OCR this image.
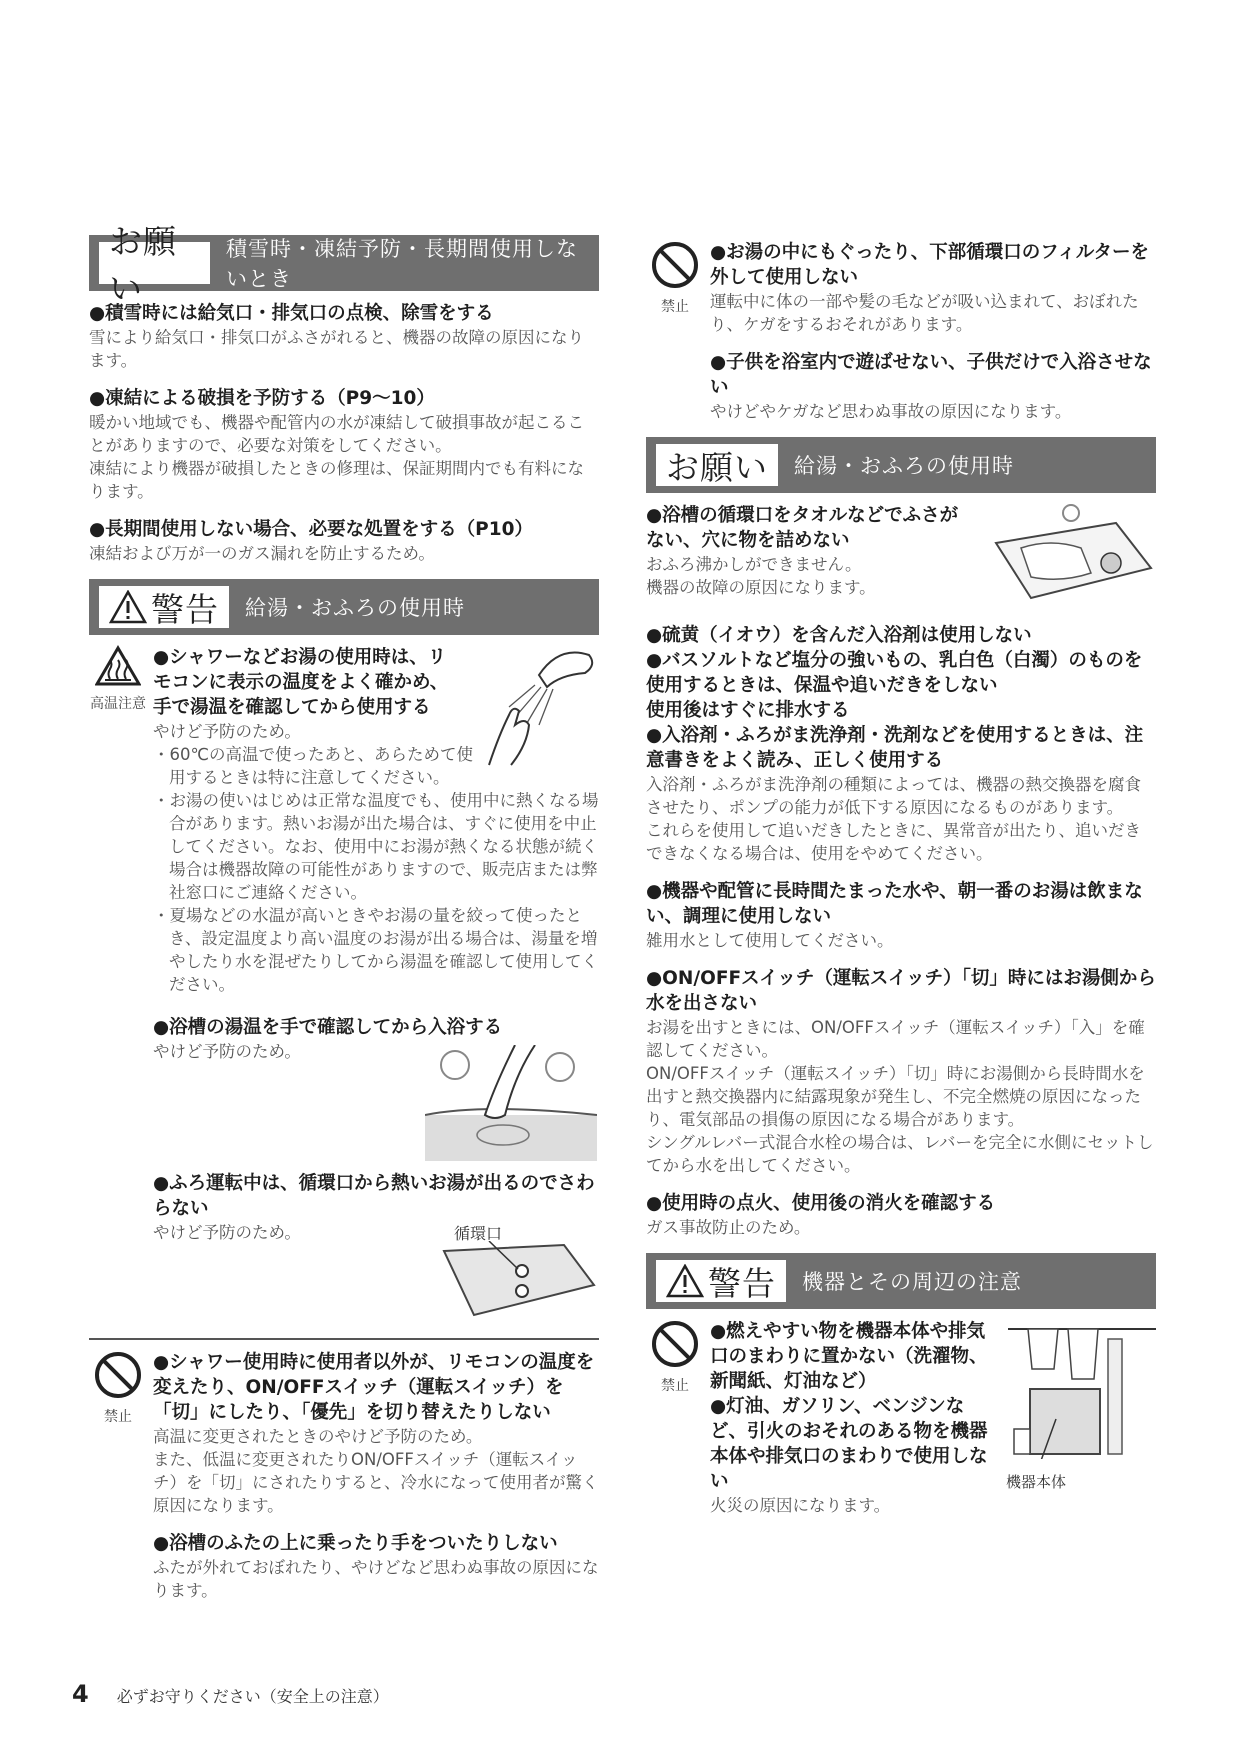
お願い
積雪時・凍結予防・長期間使用しないとき
●積雪時には給気口・排気口の点検、除雪をする

雪により給気口・排気口がふさがれると、機器の故障の原因になります。

●凍結による破損を予防する（P9〜10）

暖かい地域でも、機器や配管内の水が凍結して破損事故が起こることがありますので、必要な対策をしてください。

凍結により機器が破損したときの修理は、保証期間内でも有料になります。

●長期間使用しない場合、必要な処置をする（P10）

凍結および万が一のガス漏れを防止するため。

警告 給湯・おふろの使用時
高温注意
●シャワーなどお湯の使用時は、リモコンに表示の温度をよく確かめ、手で湯温を確認してから使用する

やけど予防のため。

・60℃の高温で使ったあと、あらためて使用するときは特に注意してください。

・お湯の使いはじめは正常な温度でも、使用中に熱くなる場合があります。熱いお湯が出た場合は、すぐに使用を中止してください。なお、使用中にお湯が熱くなる状態が続く場合は機器故障の可能性がありますので、販売店または弊社窓口にご連絡ください。

・夏場などの水温が高いときやお湯の量を絞って使ったとき、設定温度より高い温度のお湯が出る場合は、湯量を増やしたり水を混ぜたりしてから湯温を確認して使用してください。

●浴槽の湯温を手で確認してから入浴する

やけど予防のため。

●ふろ運転中は、循環口から熱いお湯が出るのでさわらない

やけど予防のため。	循環口
禁止
●シャワー使用時に使用者以外が、リモコンの温度を変えたり、ON/OFFスイッチ（運転スイッチ）を「切」にしたり、「優先」を切り替えたりしない

高温に変更されたときのやけど予防のため。

また、低温に変更されたりON/OFFスイッチ（運転スイッチ）を「切」にされたりすると、冷水になって使用者が驚く原因になります。

●浴槽のふたの上に乗ったり手をついたりしない

ふたが外れておぼれたり、やけどなど思わぬ事故の原因になります。

禁止
●お湯の中にもぐったり、下部循環口のフィルターを外して使用しない

運転中に体の一部や髪の毛などが吸い込まれて、おぼれたり、ケガをするおそれがあります。

●子供を浴室内で遊ばせない、子供だけで入浴させない

やけどやケガなど思わぬ事故の原因になります。

お願い	給湯・おふろの使用時
●浴槽の循環口をタオルなどでふさがない、穴に物を詰めない

おふろ沸かしができません。

機器の故障の原因になります。

●硫黄（イオウ）を含んだ入浴剤は使用しない
●バスソルトなど塩分の強いもの、乳白色（白濁）のものを使用するときは、保温や追いだきをしない
使用後はすぐに排水する
●入浴剤・ふろがま洗浄剤・洗剤などを使用するときは、注意書きをよく読み、正しく使用する

入浴剤・ふろがま洗浄剤の種類によっては、機器の熱交換器を腐食させたり、ポンプの能力が低下する原因になるものがあります。

これらを使用して追いだきしたときに、異常音が出たり、追いだきできなくなる場合は、使用をやめてください。

●機器や配管に長時間たまった水や、朝一番のお湯は飲まない、調理に使用しない

雑用水として使用してください。

●ON/OFFスイッチ（運転スイッチ）「切」時にはお湯側から水を出さない

お湯を出すときには、ON/OFFスイッチ（運転スイッチ）「入」を確認してください。

ON/OFFスイッチ（運転スイッチ）「切」時にお湯側から長時間水を出すと熱交換器内に結露現象が発生し、不完全燃焼の原因になったり、電気部品の損傷の原因になる場合があります。

シングルレバー式混合水栓の場合は、レバーを完全に水側にセットしてから水を出してください。

●使用時の点火、使用後の消火を確認する

ガス事故防止のため。

警告 機器とその周辺の注意
禁止
●燃えやすい物を機器本体や排気口のまわりに置かない（洗濯物、新聞紙、灯油など）
●灯油、ガソリン、ベンジンなど、引火のおそれのある物を機器本体や排気口のまわりで使用しない

火災の原因になります。

機器本体
4 必ずお守りください（安全上の注意）
